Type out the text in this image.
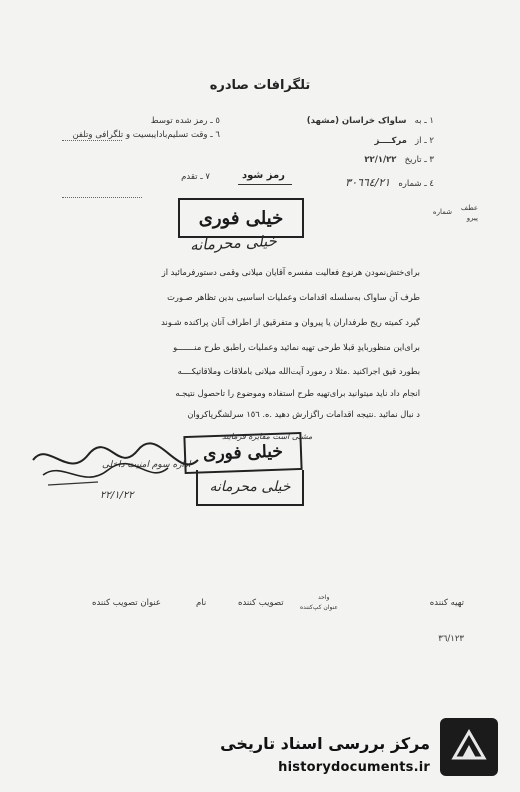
تلگرافات صادره
١ ـ به   ساواک خراسان (مشهد)
٢ ـ از   مرکــــز
٣ ـ تاریخ   ٢٢/١/٢٢
٤ ـ شماره   ٣٠٦٦٤/٢١
٥ ـ رمز شده توسط
٦ ـ وقت تسلیم‌بادایبسیت و تلگرافی وتلفن
٧ ـ تقدم	رمز شود
شماره عطف
پیرو
خیلی فوری
خیلی محرمانه
برای‌ختش‌نمودن هرنوع‌ فعالیت‌ مفسره‌ آقایان‌ میلانی‌ وقمی‌ دستورفرمائید از
طرف آن ساواک به‌سلسله اقدامات وعملیات اساسیی بدین تظاهر صـورت
گیرد کمیته‌ ریح طرفداران یا پیروان و متفرقیق از اطراف آنان پراکنده شـوند
برای‌این منظوربایدٍ قبلا طرحی تهیه نمائید وعملیات راطبق طرح منـــــــو
بطورد قیق اجراکنید .مثلا د رمورد آیت‌الله میلانی باملاقات وملاقاتیکــــه
انجام داد ناید میتوانید برای‌تهیه طرح استفاده وموضوع را تاحصول نتیجـه
د نبال نمائید .نتیجه اقدامات راگزارش دهید .ه. ١٥٦ سرلشگرپاکروان
مشبی است مقایره فرمایند
اداره سوم امنیت داخلی
خیلی فوری
خیلی محرمانه
٢٢/١/٢٢
تهیه کننده
واحد
عنوان کپ‌کننده
تصویب کننده
نام
عنوان تصویب کننده
٣٦/١٢٣
مرکز بررسی اسناد تاریخی
historydocuments.ir
